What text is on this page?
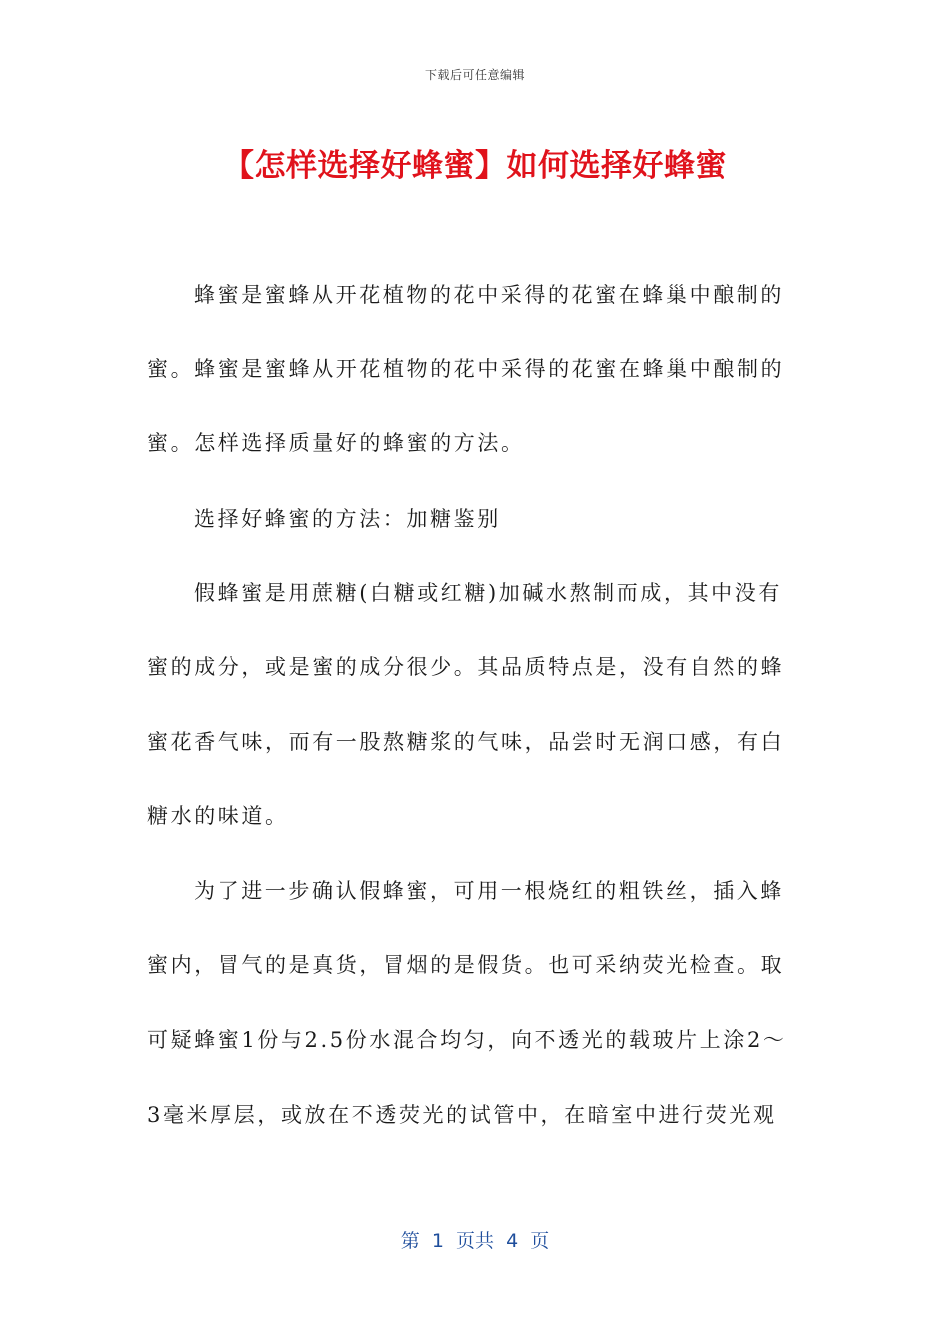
下载后可任意编辑
【怎样选择好蜂蜜】如何选择好蜂蜜
蜂蜜是蜜蜂从开花植物的花中采得的花蜜在蜂巢中酿制的
蜜。蜂蜜是蜜蜂从开花植物的花中采得的花蜜在蜂巢中酿制的
蜜。怎样选择质量好的蜂蜜的方法。
选择好蜂蜜的方法：加糖鉴别
假蜂蜜是用蔗糖(白糖或红糖)加碱水熬制而成，其中没有
蜜的成分，或是蜜的成分很少。其品质特点是，没有自然的蜂
蜜花香气味，而有一股熬糖浆的气味，品尝时无润口感，有白
糖水的味道。
为了进一步确认假蜂蜜，可用一根烧红的粗铁丝，插入蜂
蜜内，冒气的是真货，冒烟的是假货。也可采纳荧光检查。取
可疑蜂蜜1份与2.5份水混合均匀，向不透光的载玻片上涂2～
3毫米厚层，或放在不透荧光的试管中，在暗室中进行荧光观
第  1  页共  4  页
